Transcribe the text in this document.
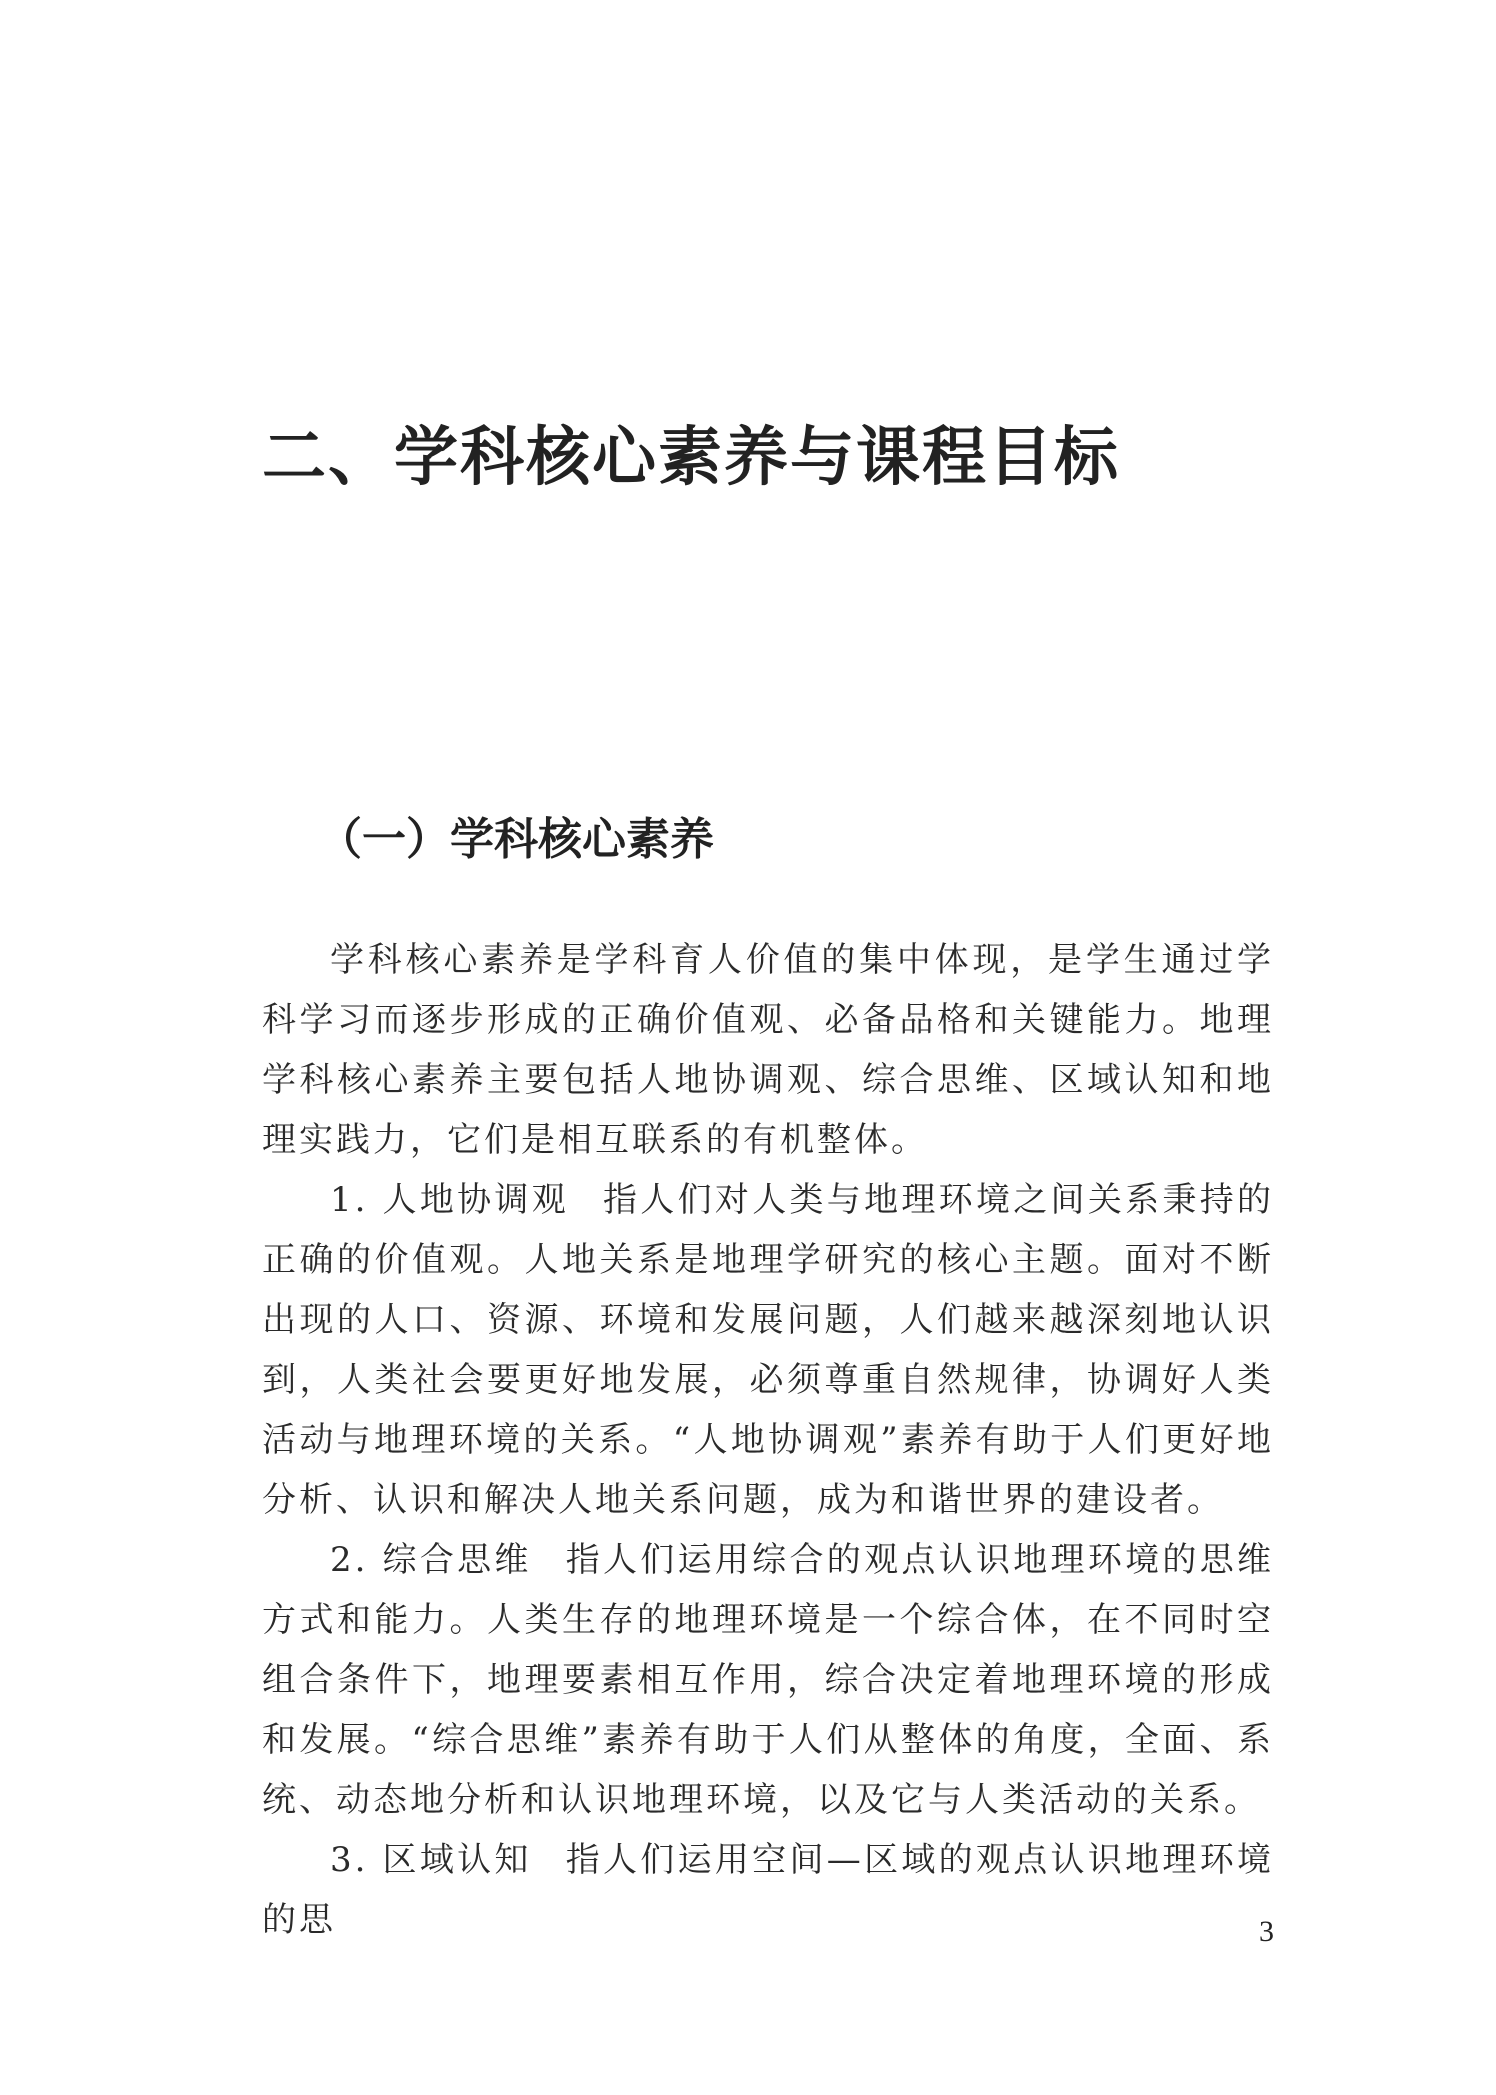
二、学科核心素养与课程目标
（一）学科核心素养

学科核心素养是学科育人价值的集中体现，是学生通过学科学习而逐步形成的正确价值观、必备品格和关键能力。地理学科核心素养主要包括人地协调观、综合思维、区域认知和地理实践力，它们是相互联系的有机整体。

1. 人地协调观 指人们对人类与地理环境之间关系秉持的正确的价值观。人地关系是地理学研究的核心主题。面对不断出现的人口、资源、环境和发展问题，人们越来越深刻地认识到，人类社会要更好地发展，必须尊重自然规律，协调好人类活动与地理环境的关系。“人地协调观”素养有助于人们更好地分析、认识和解决人地关系问题，成为和谐世界的建设者。

2. 综合思维 指人们运用综合的观点认识地理环境的思维方式和能力。人类生存的地理环境是一个综合体，在不同时空组合条件下，地理要素相互作用，综合决定着地理环境的形成和发展。“综合思维”素养有助于人们从整体的角度，全面、系统、动态地分析和认识地理环境，以及它与人类活动的关系。

3. 区域认知 指人们运用空间—区域的观点认识地理环境的思	3
